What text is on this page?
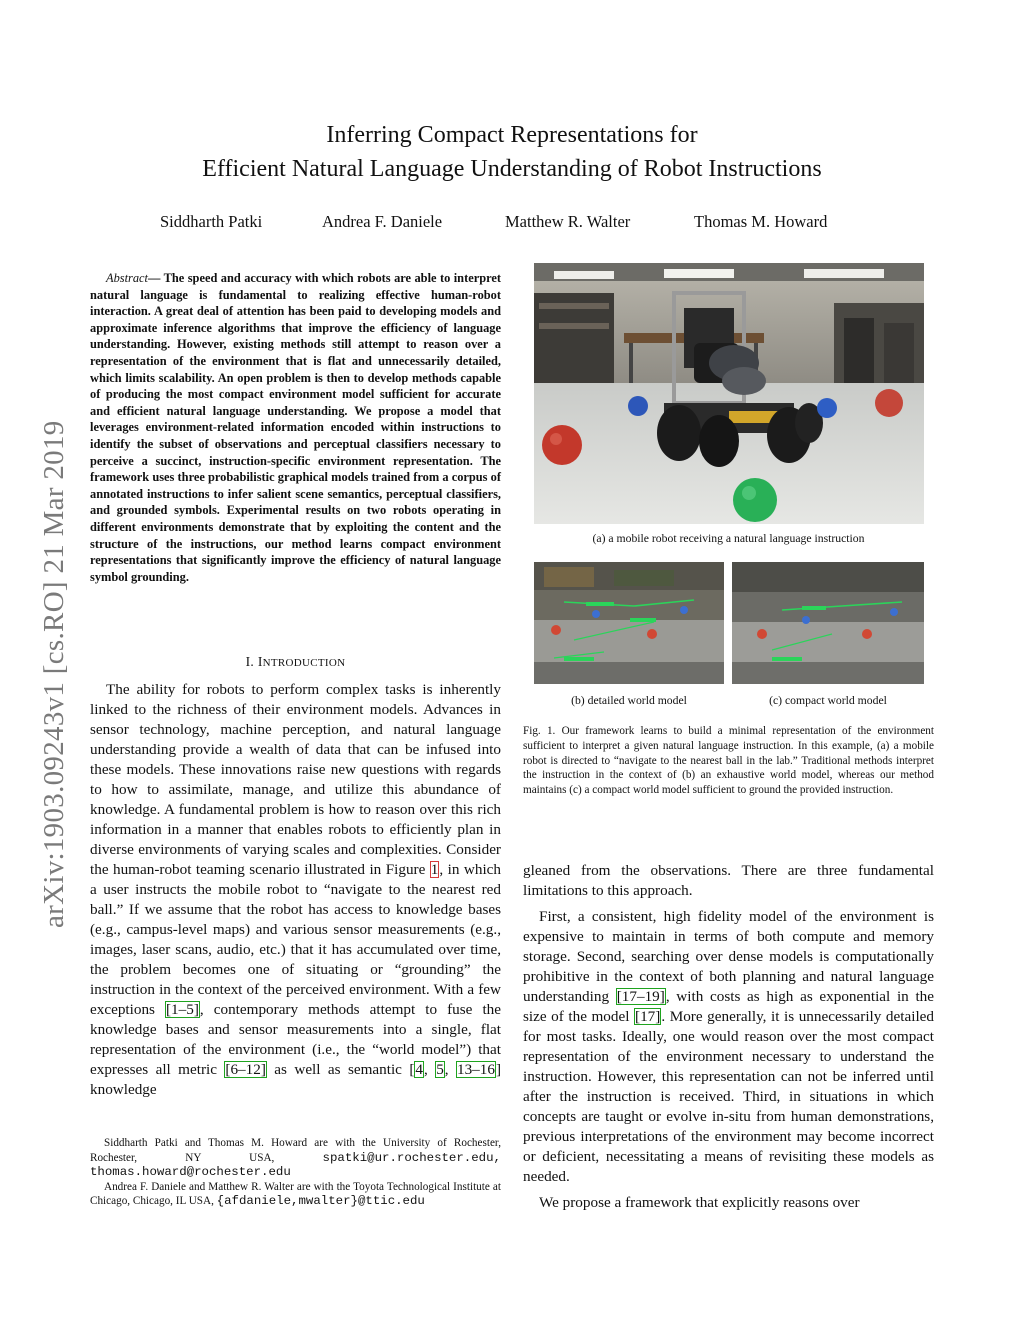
arXiv:1903.09243v1 [cs.RO] 21 Mar 2019
Inferring Compact Representations for
Efficient Natural Language Understanding of Robot Instructions
Siddharth Patki	Andrea F. Daniele	Matthew R. Walter	Thomas M. Howard
Abstract— The speed and accuracy with which robots are able to interpret natural language is fundamental to realizing effective human-robot interaction. A great deal of attention has been paid to developing models and approximate inference algorithms that improve the efficiency of language understanding. However, existing methods still attempt to reason over a representation of the environment that is flat and unnecessarily detailed, which limits scalability. An open problem is then to develop methods capable of producing the most compact environment model sufficient for accurate and efficient natural language understanding. We propose a model that leverages environment-related information encoded within instructions to identify the subset of observations and perceptual classifiers necessary to perceive a succinct, instruction-specific environment representation. The framework uses three probabilistic graphical models trained from a corpus of annotated instructions to infer salient scene semantics, perceptual classifiers, and grounded symbols. Experimental results on two robots operating in different environments demonstrate that by exploiting the content and the structure of the instructions, our method learns compact environment representations that significantly improve the efficiency of natural language symbol grounding.
I. INTRODUCTION

The ability for robots to perform complex tasks is inherently linked to the richness of their environment models. Advances in sensor technology, machine perception, and natural language understanding provide a wealth of data that can be infused into these models. These innovations raise new questions with regards to how to assimilate, manage, and utilize this abundance of knowledge. A fundamental problem is how to reason over this rich information in a manner that enables robots to efficiently plan in diverse environments of varying scales and complexities. Consider the human-robot teaming scenario illustrated in Figure 1, in which a user instructs the mobile robot to “navigate to the nearest red ball.” If we assume that the robot has access to knowledge bases (e.g., campus-level maps) and various sensor measurements (e.g., images, laser scans, audio, etc.) that it has accumulated over time, the problem becomes one of situating or “grounding” the instruction in the context of the perceived environment. With a few exceptions [1–5], contemporary methods attempt to fuse the knowledge bases and sensor measurements into a single, flat representation of the environment (i.e., the “world model”) that expresses all metric [6–12] as well as semantic [4, 5, 13–16] knowledge

Siddharth Patki and Thomas M. Howard are with the University of Rochester, Rochester, NY USA, spatki@ur.rochester.edu, thomas.howard@rochester.edu

Andrea F. Daniele and Matthew R. Walter are with the Toyota Technological Institute at Chicago, Chicago, IL USA, {afdaniele,mwalter}@ttic.edu

(a) a mobile robot receiving a natural language instruction
(b) detailed world model	(c) compact world model
Fig. 1. Our framework learns to build a minimal representation of the environment sufficient to interpret a given natural language instruction. In this example, (a) a mobile robot is directed to “navigate to the nearest ball in the lab.” Traditional methods interpret the instruction in the context of (b) an exhaustive world model, whereas our method maintains (c) a compact world model sufficient to ground the provided instruction.

gleaned from the observations. There are three fundamental limitations to this approach.

First, a consistent, high fidelity model of the environment is expensive to maintain in terms of both compute and memory storage. Second, searching over dense models is computationally prohibitive in the context of both planning and natural language understanding [17–19], with costs as high as exponential in the size of the model [17]. More generally, it is unnecessarily detailed for most tasks. Ideally, one would reason over the most compact representation of the environment necessary to understand the instruction. However, this representation can not be inferred until after the instruction is received. Third, in situations in which concepts are taught or evolve in-situ from human demonstrations, previous interpretations of the environment may become incorrect or deficient, necessitating a means of revisiting these models as needed.

We propose a framework that explicitly reasons over
